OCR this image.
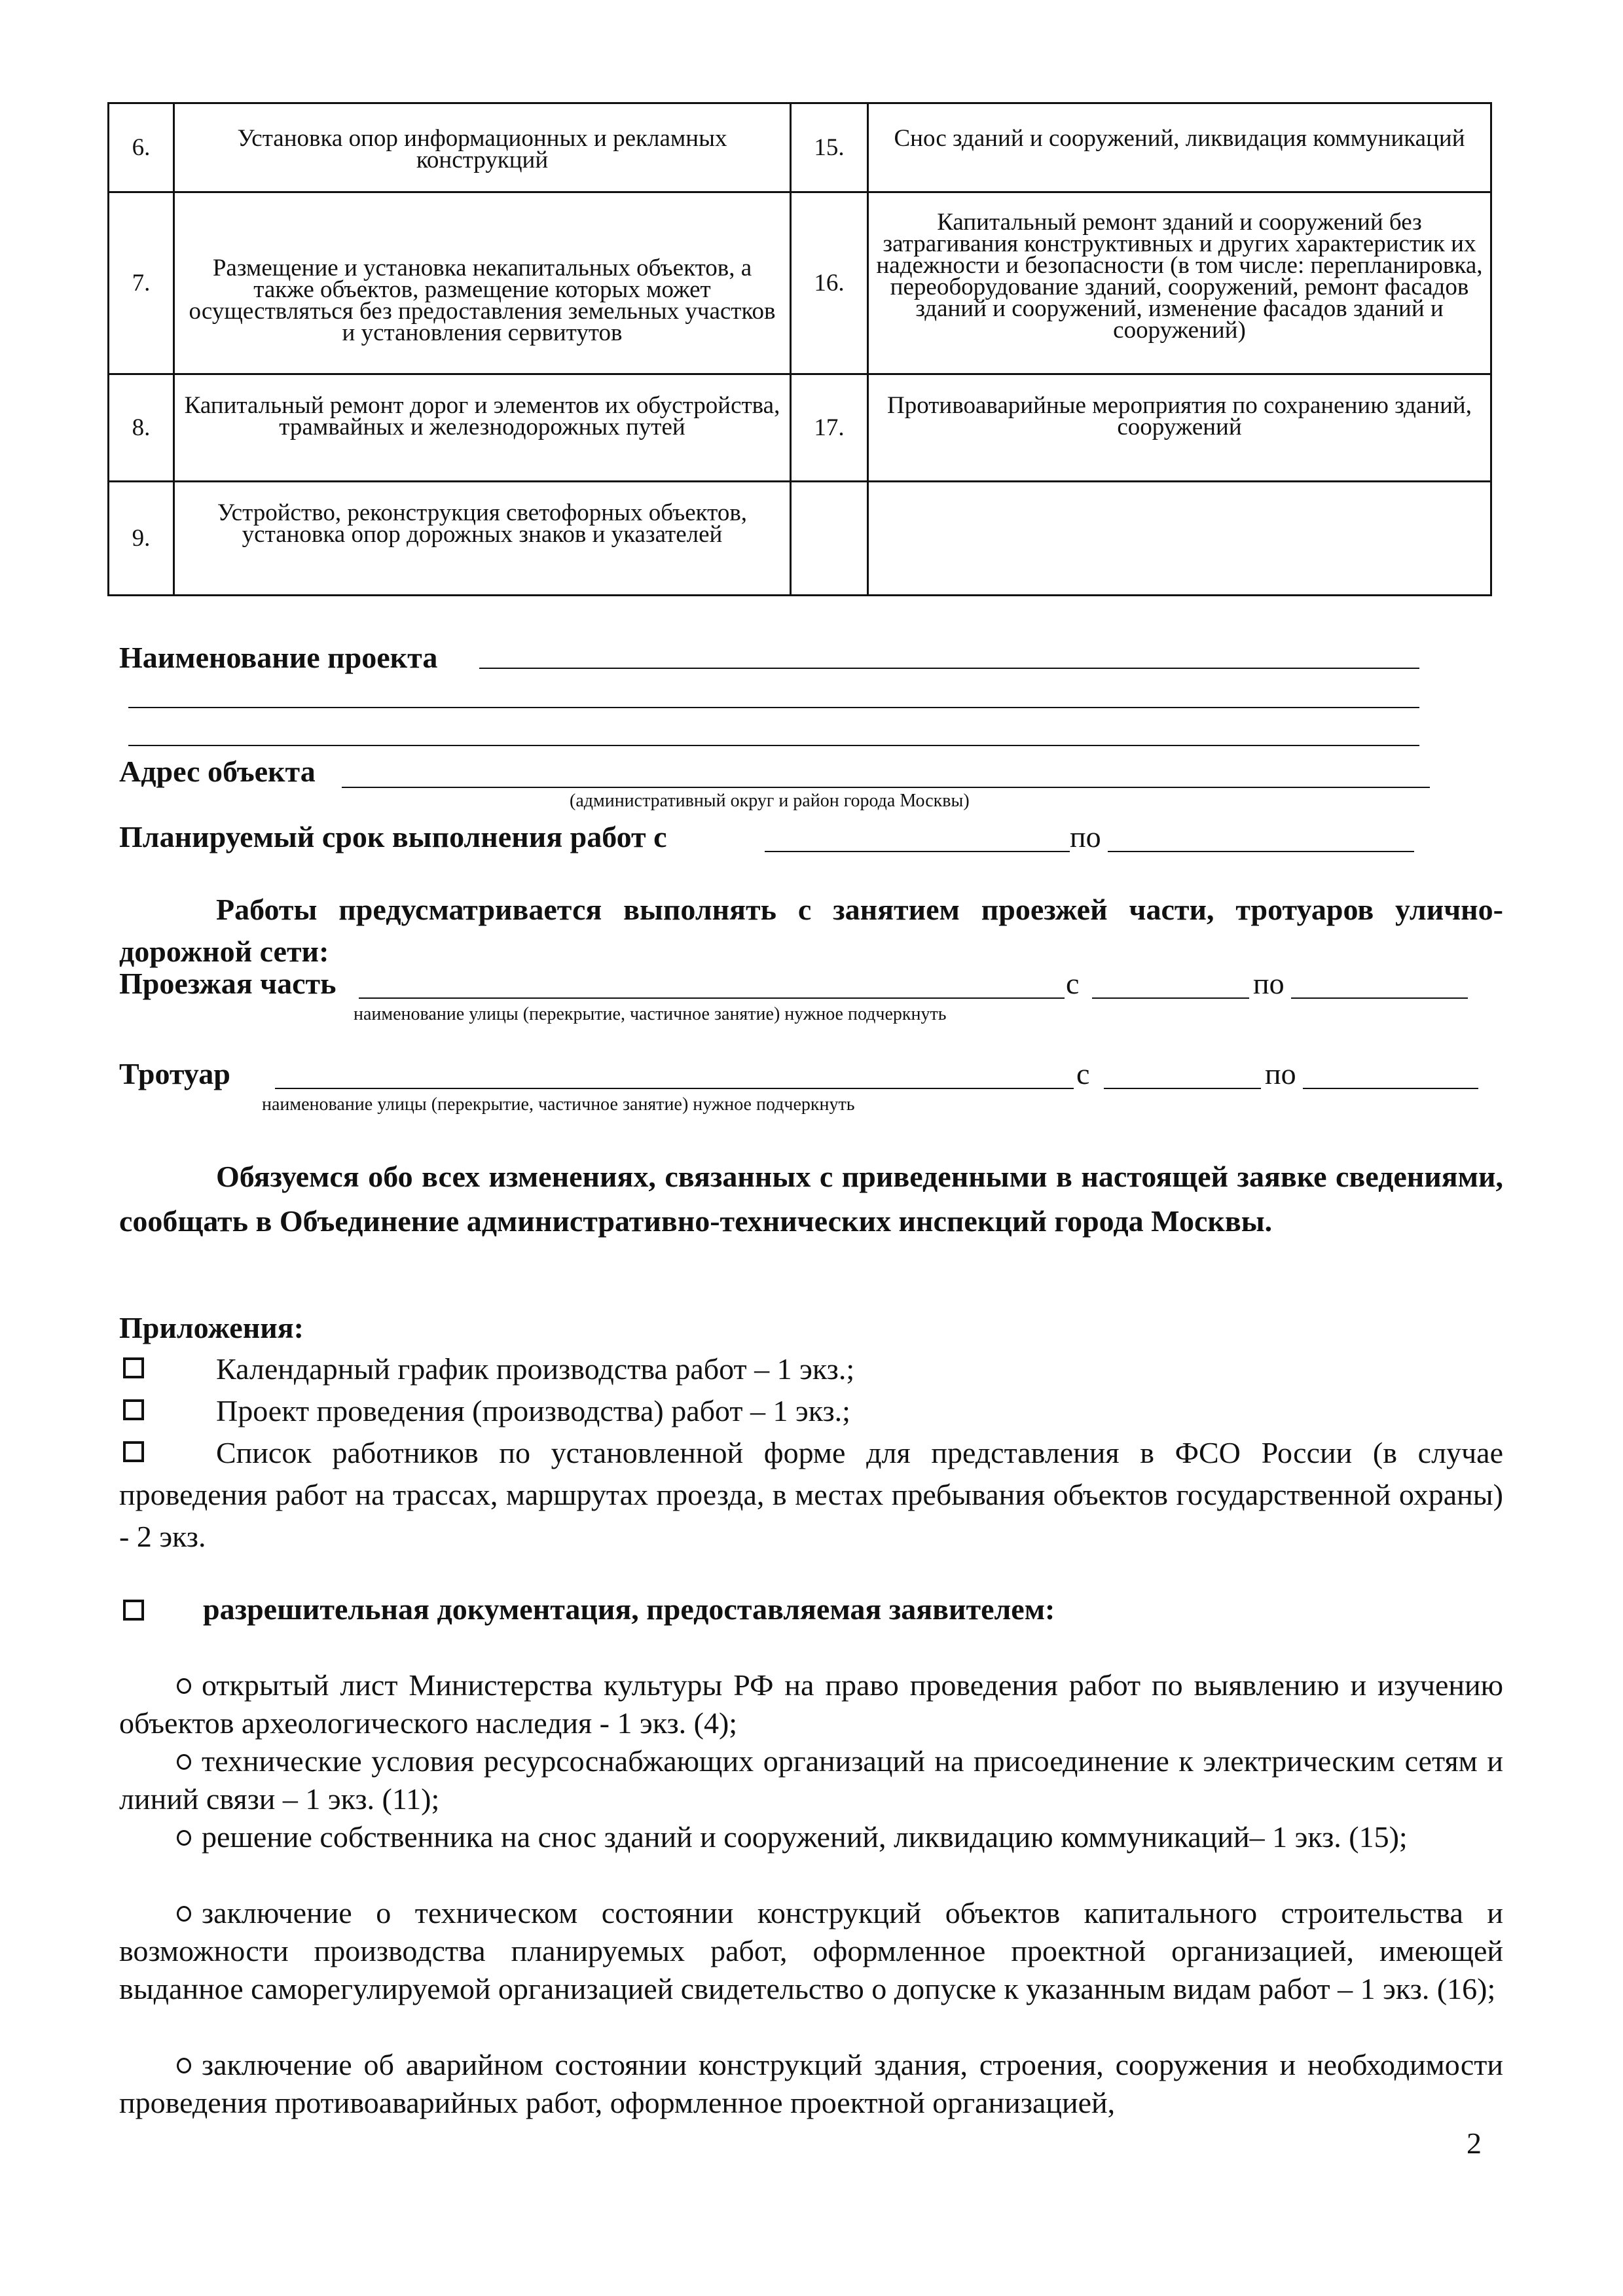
6.	Установка опор информационных и рекламных конструкций	15.	Снос зданий и сооружений, ликвидация коммуникаций
7.	Размещение и установка некапитальных объектов, а также объектов, размещение которых может осуществляться без предоставления земельных участков и установления сервитутов	16.	Капитальный ремонт зданий и сооружений без затрагивания конструктивных и других характеристик их надежности и безопасности (в том числе: перепланировка, переоборудование зданий, сооружений, ремонт фасадов зданий и сооружений, изменение фасадов зданий и сооружений)
8.	Капитальный ремонт дорог и элементов их обустройства, трамвайных и железнодорожных путей	17.	Противоаварийные мероприятия по сохранению зданий, сооружений
9.	Устройство, реконструкция светофорных объектов, установка опор дорожных знаков и указателей		
Наименование проекта
Адрес объекта
(административный округ и район города Москвы)
Планируемый срок выполнения работ с	по
Работы предусматривается выполнять с занятием проезжей части, тротуаров улично-дорожной сети:
Проезжая часть	с	по
наименование улицы (перекрытие, частичное занятие) нужное подчеркнуть
Тротуар	с	по
наименование улицы (перекрытие, частичное занятие) нужное подчеркнуть
Обязуемся обо всех изменениях, связанных с приведенными в настоящей заявке сведениями, сообщать в Объединение административно-технических инспекций города Москвы.
Приложения:
Календарный график производства работ – 1 экз.;
Проект проведения (производства) работ – 1 экз.;
Список работников по установленной форме для представления в ФСО России (в случае проведения работ на трассах, маршрутах проезда, в местах пребывания объектов государственной охраны) - 2 экз.
разрешительная документация, предоставляемая заявителем:
открытый лист Министерства культуры РФ на право проведения работ по выявлению и изучению объектов археологического наследия - 1 экз. (4);
технические условия ресурсоснабжающих организаций на присоединение к электрическим сетям и линий связи – 1 экз. (11);
решение собственника на снос зданий и сооружений, ликвидацию коммуникаций– 1 экз. (15);
заключение о техническом состоянии конструкций объектов капитального строительства и возможности производства планируемых работ, оформленное проектной организацией, имеющей выданное саморегулируемой организацией свидетельство о допуске к указанным видам работ – 1 экз. (16);
заключение об аварийном состоянии конструкций здания, строения, сооружения и необходимости проведения противоаварийных работ, оформленное проектной организацией,
2
